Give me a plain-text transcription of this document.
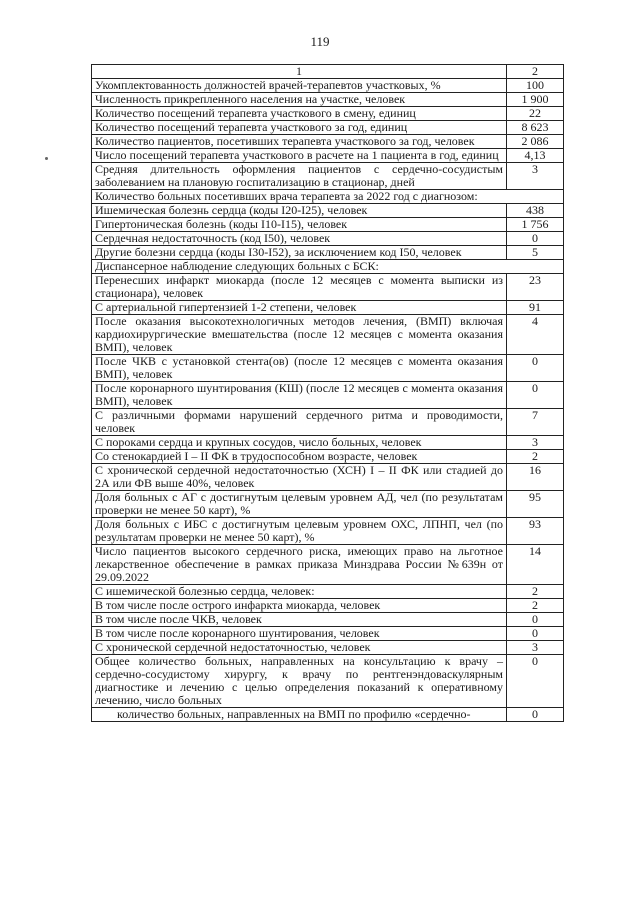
119
1	2
Укомплектованность должностей врачей-терапевтов участковых, %	100
Численность прикрепленного населения на участке, человек	1 900
Количество посещений терапевта участкового в смену, единиц	22
Количество посещений терапевта участкового за год, единиц	8 623
Количество пациентов, посетивших терапевта участкового за год, человек	2 086
Число посещений терапевта участкового в расчете на 1 пациента в год, единиц	4,13
Средняя длительность оформления пациентов с сердечно-сосудистым заболеванием на плановую госпитализацию в стационар, дней	3
Количество больных посетивших врача терапевта за 2022 год с диагнозом:	
Ишемическая болезнь сердца (коды I20-I25), человек	438
Гипертоническая болезнь (коды I10-I15), человек	1 756
Сердечная недостаточность (код I50), человек	0
Другие болезни сердца (коды I30-I52), за исключением код I50, человек	5
Диспансерное наблюдение следующих больных с БСК:	
Перенесших инфаркт миокарда (после 12 месяцев с момента выписки из стационара), человек	23
С артериальной гипертензией 1-2 степени, человек	91
После оказания высокотехнологичных методов лечения, (ВМП) включая кардиохирургические вмешательства (после 12 месяцев с момента оказания ВМП), человек	4
После ЧКВ с установкой стента(ов) (после 12 месяцев с момента оказания ВМП), человек	0
После коронарного шунтирования (КШ) (после 12 месяцев с момента оказания ВМП), человек	0
С различными формами нарушений сердечного ритма и проводимости, человек	7
С пороками сердца и крупных сосудов, число больных, человек	3
Со стенокардией I – II ФК в трудоспособном возрасте, человек	2
С хронической сердечной недостаточностью (ХСН) I – II ФК или стадией до 2А или ФВ выше 40%, человек	16
Доля больных с АГ с достигнутым целевым уровнем АД, чел (по результатам проверки не менее 50 карт), %	95
Доля больных с ИБС с достигнутым целевым уровнем ОХС, ЛПНП, чел (по результатам проверки не менее 50 карт), %	93
Число пациентов высокого сердечного риска, имеющих право на льготное лекарственное обеспечение в рамках приказа Минздрава России №639н от 29.09.2022	14
С ишемической болезнью сердца, человек:	2
В том числе после острого инфаркта миокарда, человек	2
В том числе после ЧКВ, человек	0
В том числе после коронарного шунтирования, человек	0
С хронической сердечной недостаточностью, человек	3
Общее количество больных, направленных на консультацию к врачу – сердечно-сосудистому хирургу, к врачу по рентгенэндоваскулярным диагностике и лечению с целью определения показаний к оперативному лечению, число больных	0
количество больных, направленных на ВМП по профилю «сердечно-	0
